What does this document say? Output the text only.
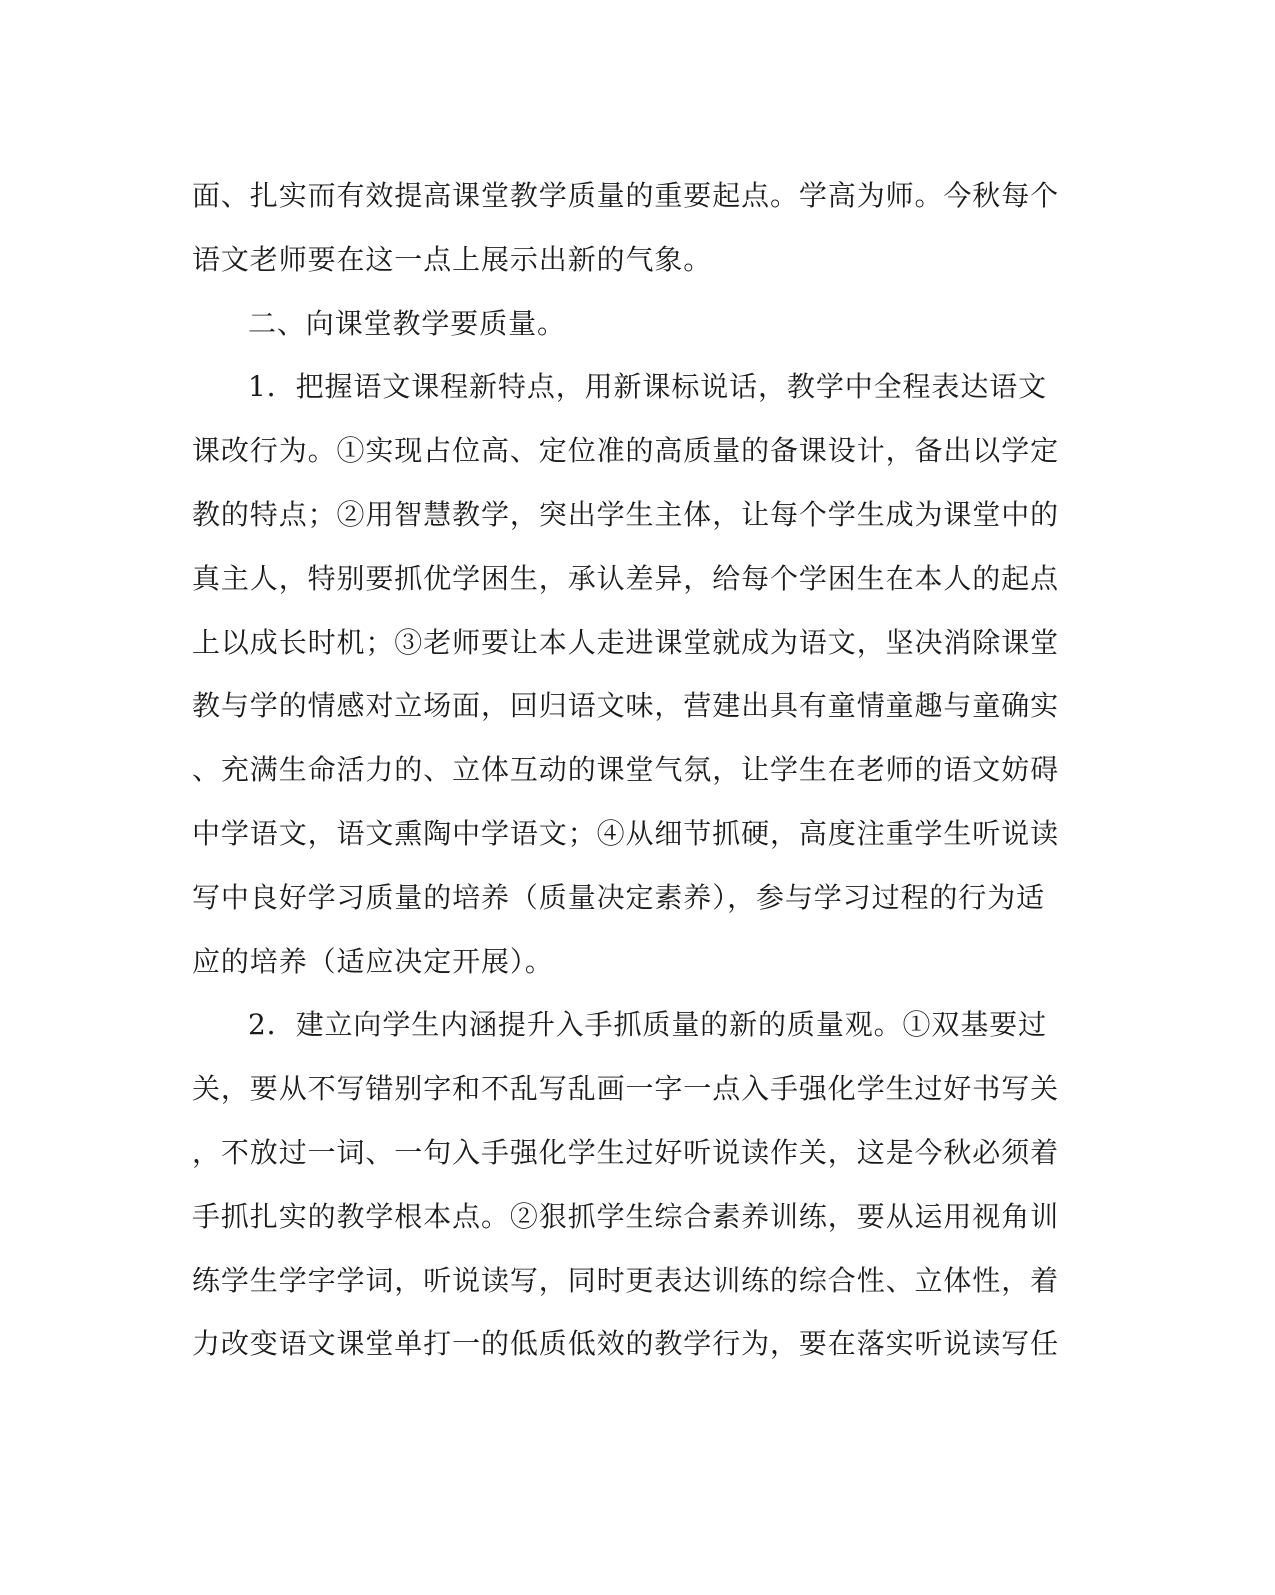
面、扎实而有效提高课堂教学质量的重要起点。学高为师。今秋每个
语文老师要在这一点上展示出新的气象。
二、向课堂教学要质量。
1．把握语文课程新特点，用新课标说话，教学中全程表达语文
课改行为。①实现占位高、定位准的高质量的备课设计，备出以学定
教的特点；②用智慧教学，突出学生主体，让每个学生成为课堂中的
真主人，特别要抓优学困生，承认差异，给每个学困生在本人的起点
上以成长时机；③老师要让本人走进课堂就成为语文，坚决消除课堂
教与学的情感对立场面，回归语文味，营建出具有童情童趣与童确实
、充满生命活力的、立体互动的课堂气氛，让学生在老师的语文妨碍
中学语文，语文熏陶中学语文；④从细节抓硬，高度注重学生听说读
写中良好学习质量的培养（质量决定素养），参与学习过程的行为适
应的培养（适应决定开展）。
2．建立向学生内涵提升入手抓质量的新的质量观。①双基要过
关，要从不写错别字和不乱写乱画一字一点入手强化学生过好书写关
，不放过一词、一句入手强化学生过好听说读作关，这是今秋必须着
手抓扎实的教学根本点。②狠抓学生综合素养训练，要从运用视角训
练学生学字学词，听说读写，同时更表达训练的综合性、立体性，着
力改变语文课堂单打一的低质低效的教学行为，要在落实听说读写任
